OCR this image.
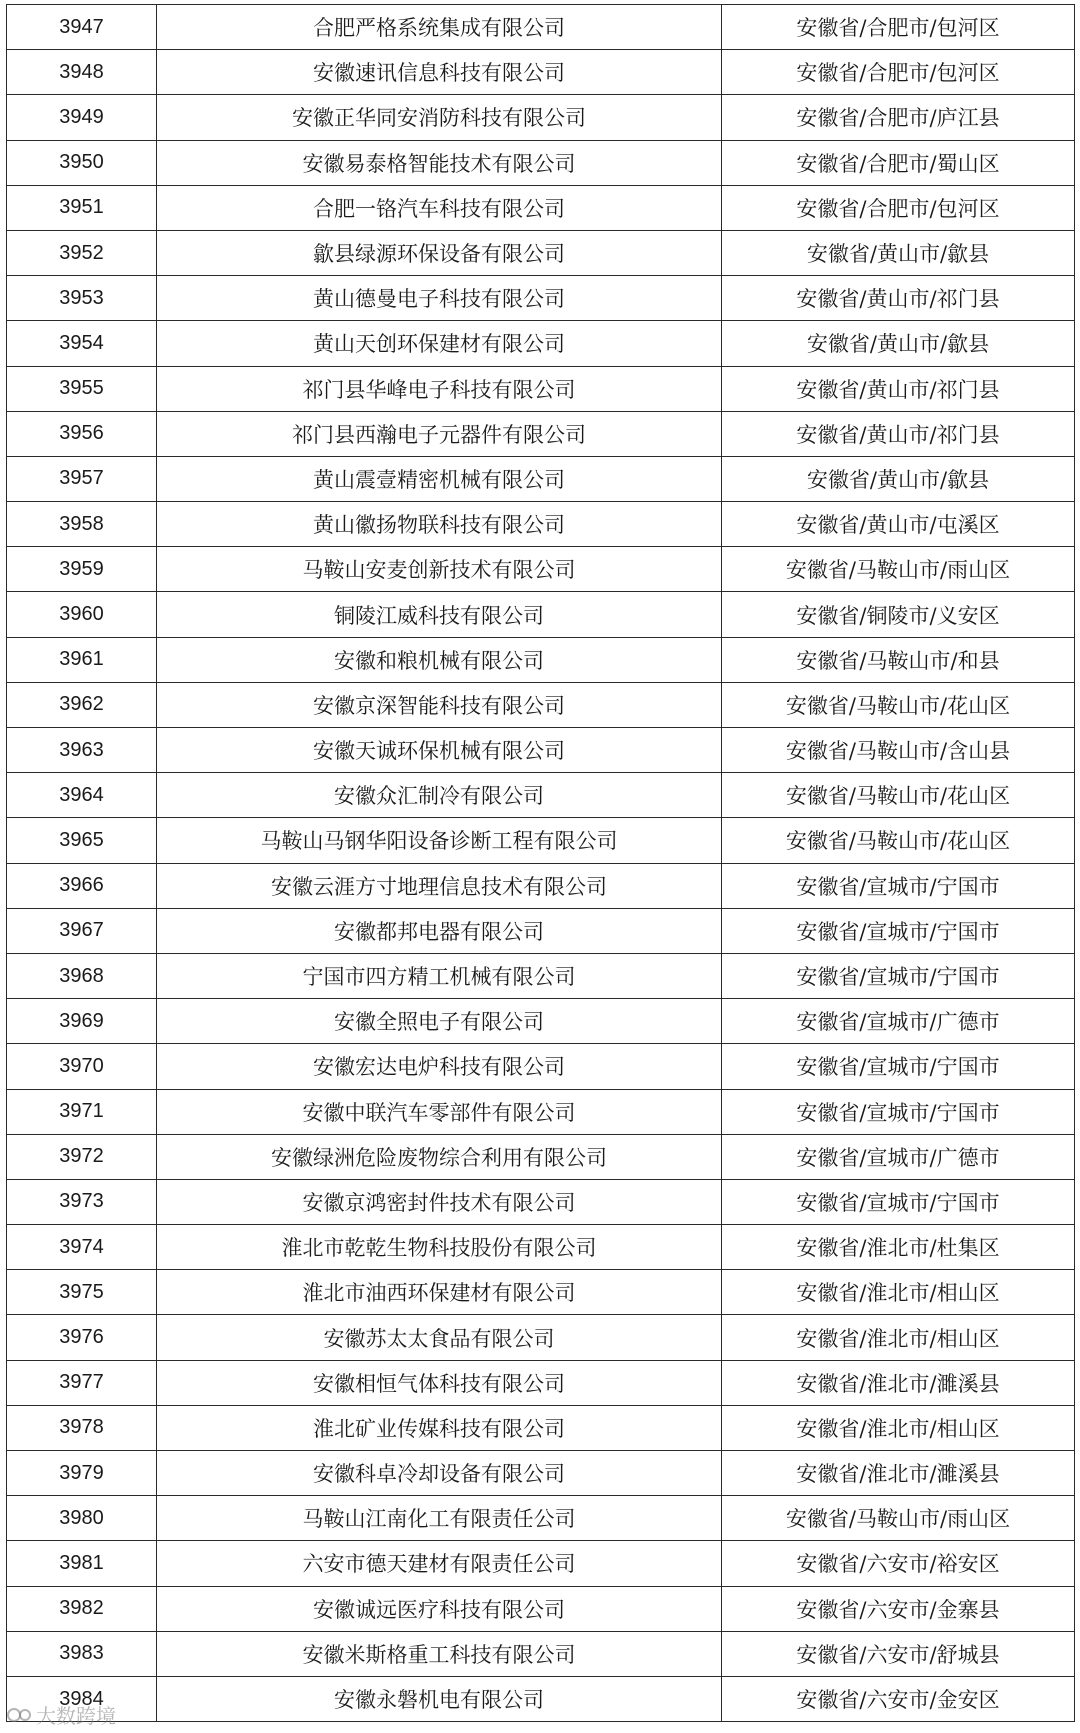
3947	合肥严格系统集成有限公司	安徽省/合肥市/包河区
3948	安徽速讯信息科技有限公司	安徽省/合肥市/包河区
3949	安徽正华同安消防科技有限公司	安徽省/合肥市/庐江县
3950	安徽易泰格智能技术有限公司	安徽省/合肥市/蜀山区
3951	合肥一铬汽车科技有限公司	安徽省/合肥市/包河区
3952	歙县绿源环保设备有限公司	安徽省/黄山市/歙县
3953	黄山德曼电子科技有限公司	安徽省/黄山市/祁门县
3954	黄山天创环保建材有限公司	安徽省/黄山市/歙县
3955	祁门县华峰电子科技有限公司	安徽省/黄山市/祁门县
3956	祁门县西瀚电子元器件有限公司	安徽省/黄山市/祁门县
3957	黄山震壹精密机械有限公司	安徽省/黄山市/歙县
3958	黄山徽扬物联科技有限公司	安徽省/黄山市/屯溪区
3959	马鞍山安麦创新技术有限公司	安徽省/马鞍山市/雨山区
3960	铜陵江威科技有限公司	安徽省/铜陵市/义安区
3961	安徽和粮机械有限公司	安徽省/马鞍山市/和县
3962	安徽京深智能科技有限公司	安徽省/马鞍山市/花山区
3963	安徽天诚环保机械有限公司	安徽省/马鞍山市/含山县
3964	安徽众汇制冷有限公司	安徽省/马鞍山市/花山区
3965	马鞍山马钢华阳设备诊断工程有限公司	安徽省/马鞍山市/花山区
3966	安徽云涯方寸地理信息技术有限公司	安徽省/宣城市/宁国市
3967	安徽都邦电器有限公司	安徽省/宣城市/宁国市
3968	宁国市四方精工机械有限公司	安徽省/宣城市/宁国市
3969	安徽全照电子有限公司	安徽省/宣城市/广德市
3970	安徽宏达电炉科技有限公司	安徽省/宣城市/宁国市
3971	安徽中联汽车零部件有限公司	安徽省/宣城市/宁国市
3972	安徽绿洲危险废物综合利用有限公司	安徽省/宣城市/广德市
3973	安徽京鸿密封件技术有限公司	安徽省/宣城市/宁国市
3974	淮北市乾乾生物科技股份有限公司	安徽省/淮北市/杜集区
3975	淮北市油西环保建材有限公司	安徽省/淮北市/相山区
3976	安徽苏太太食品有限公司	安徽省/淮北市/相山区
3977	安徽相恒气体科技有限公司	安徽省/淮北市/濉溪县
3978	淮北矿业传媒科技有限公司	安徽省/淮北市/相山区
3979	安徽科卓冷却设备有限公司	安徽省/淮北市/濉溪县
3980	马鞍山江南化工有限责任公司	安徽省/马鞍山市/雨山区
3981	六安市德天建材有限责任公司	安徽省/六安市/裕安区
3982	安徽诚远医疗科技有限公司	安徽省/六安市/金寨县
3983	安徽米斯格重工科技有限公司	安徽省/六安市/舒城县
3984	安徽永磐机电有限公司	安徽省/六安市/金安区
大数跨境
